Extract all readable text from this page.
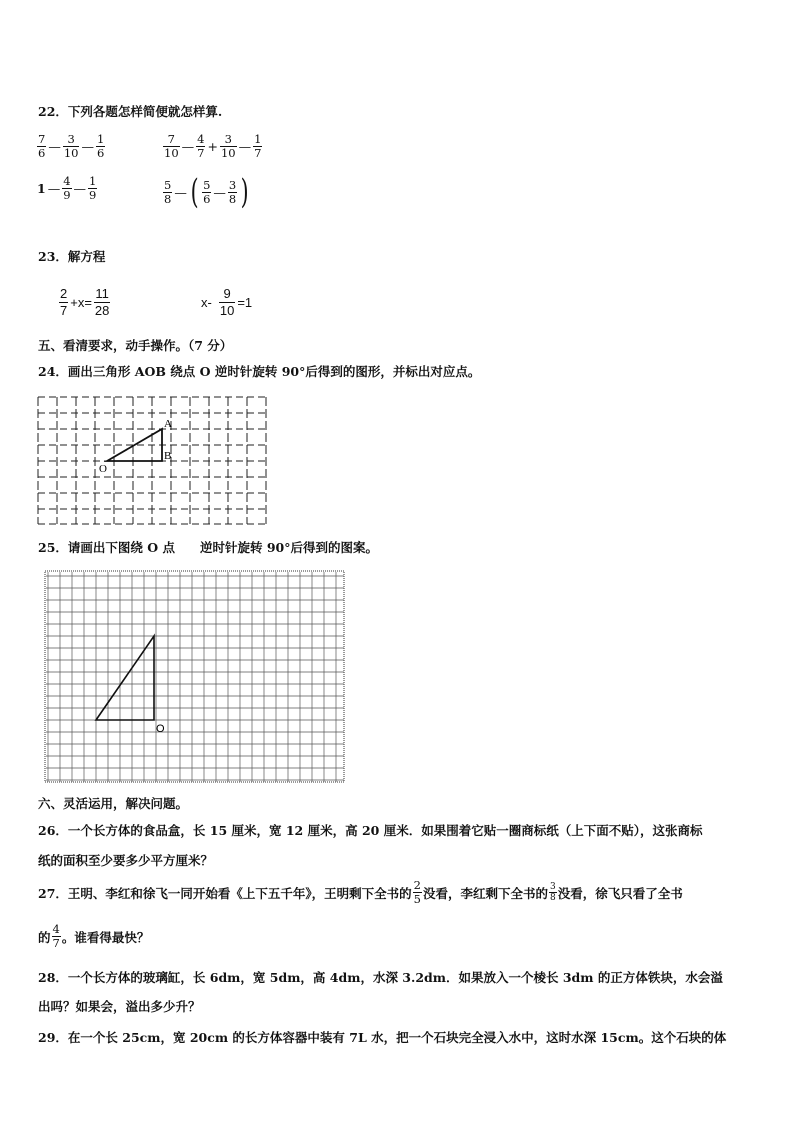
22．下列各题怎样简便就怎样算.
$\frac{7}{6}$ — $\frac{3}{10}$ — $\frac{1}{6}$	$\frac{7}{10}$ — $\frac{4}{7} + \frac{3}{10}$ — $\frac{1}{7}$
1 — $\frac{4}{9}$ — $\frac{1}{9}$	$\frac{5}{8}$ — ( $\frac{5}{6}$ — $\frac{3}{8}$ )
23．解方程
$\frac{2}{7} +x= \frac{11}{28}$	$x- \frac{9}{10} =1$
五、看清要求，动手操作。（7 分）
24．画出三角形 AOB 绕点 O 逆时针旋转 90°后得到的图形，并标出对应点。
A
B
O
25．请画出下图绕 O 点　　逆时针旋转 90°后得到的图案。
O
六、灵活运用，解决问题。
26．一个长方体的食品盒，长 15 厘米，宽 12 厘米，高 20 厘米．如果围着它贴一圈商标纸（上下面不贴），这张商标
纸的面积至少要多少平方厘米？
27．王明、李红和徐飞一同开始看《上下五千年》，王明剩下全书的 $\frac{2}{5}$ 没看，李红剩下全书的 $\frac{3}{8}$ 没看，徐飞只看了全书
的 $\frac{4}{7}$ 。谁看得最快？
28．一个长方体的玻璃缸，长 6dm，宽 5dm，高 4dm，水深 3.2dm．如果放入一个棱长 3dm 的正方体铁块，水会溢
出吗？如果会，溢出多少升？
29．在一个长 25cm，宽 20cm 的长方体容器中装有 7L 水，把一个石块完全浸入水中，这时水深 15cm。这个石块的体
